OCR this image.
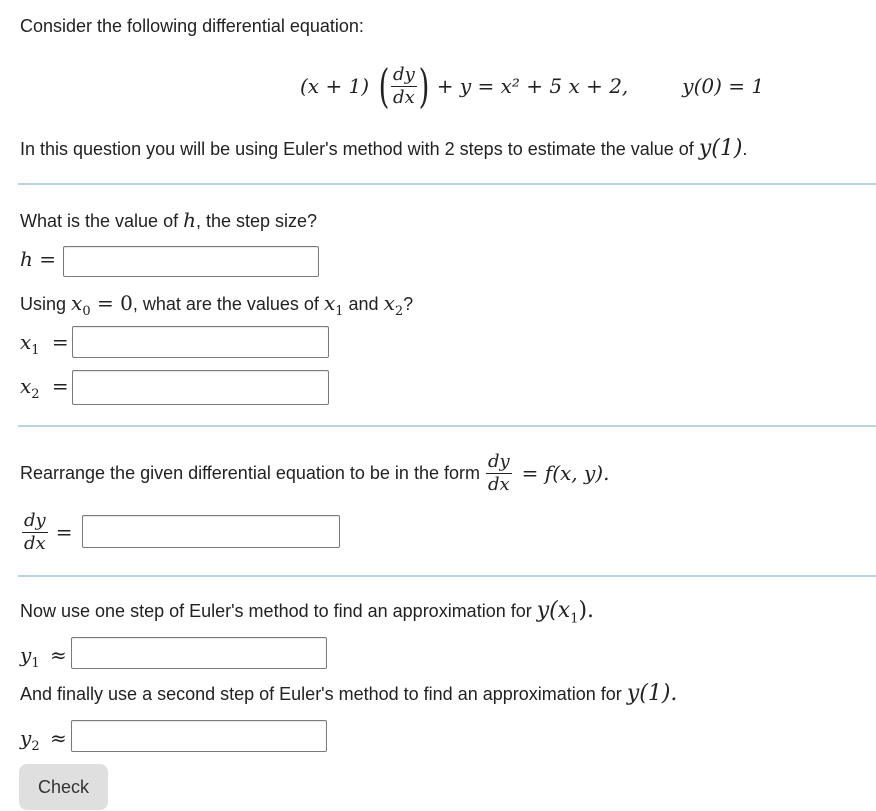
Consider the following differential equation:
(x + 1) ( $\frac{dy}{dx}$ ) + y = x² + 5 x + 2,	y(0) = 1
In this question you will be using Euler's method with 2 steps to estimate the value of y(1).
What is the value of h, the step size?
h =
Using $x_0 = 0$, what are the values of $x_1$ and $x_2$?
$x_1$ =
$x_2$ =
Rearrange the given differential equation to be in the form $\frac{dy}{dx} = f(x$, y).
$\frac{dy}{dx}$ =
Now use one step of Euler's method to find an approximation for $y(x_1)$.
$y_1$ ≈
And finally use a second step of Euler's method to find an approximation for y(1).
$y_2$ ≈
Check
